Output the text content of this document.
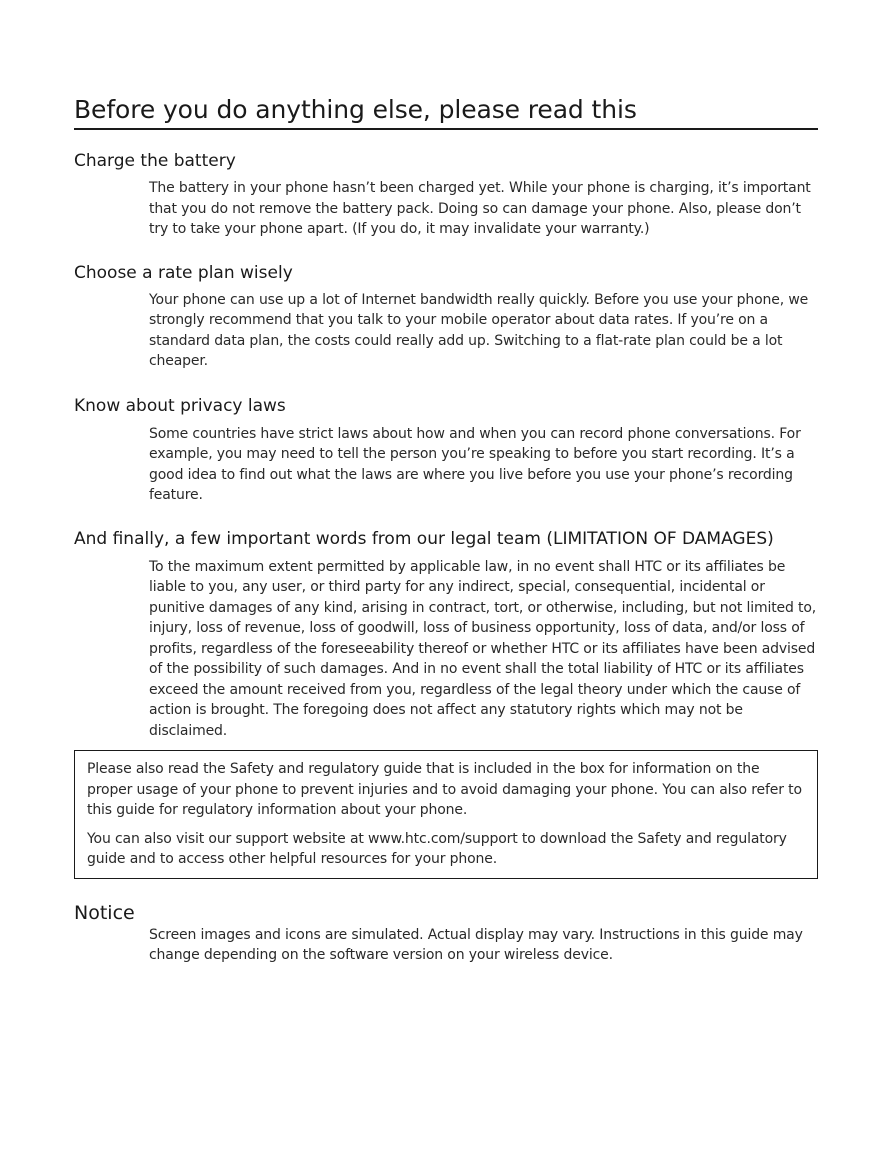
Before you do anything else, please read this
Charge the battery

The battery in your phone hasn’t been charged yet. While your phone is charging, it’s important that you do not remove the battery pack. Doing so can damage your phone. Also, please don’t try to take your phone apart. (If you do, it may invalidate your warranty.)

Choose a rate plan wisely

Your phone can use up a lot of Internet bandwidth really quickly. Before you use your phone, we strongly recommend that you talk to your mobile operator about data rates. If you’re on a standard data plan, the costs could really add up. Switching to a flat-rate plan could be a lot cheaper.

Know about privacy laws

Some countries have strict laws about how and when you can record phone conversations. For example, you may need to tell the person you’re speaking to before you start recording. It’s a good idea to find out what the laws are where you live before you use your phone’s recording feature.

And finally, a few important words from our legal team (LIMITATION OF DAMAGES)

To the maximum extent permitted by applicable law, in no event shall HTC or its affiliates be liable to you, any user, or third party for any indirect, special, consequential, incidental or punitive damages of any kind, arising in contract, tort, or otherwise, including, but not limited to, injury, loss of revenue, loss of goodwill, loss of business opportunity, loss of data, and/or loss of profits, regardless of the foreseeability thereof or whether HTC or its affiliates have been advised of the possibility of such damages. And in no event shall the total liability of HTC or its affiliates exceed the amount received from you, regardless of the legal theory under which the cause of action is brought. The foregoing does not affect any statutory rights which may not be disclaimed.

Please also read the Safety and regulatory guide that is included in the box for information on the proper usage of your phone to prevent injuries and to avoid damaging your phone. You can also refer to this guide for regulatory information about your phone.

You can also visit our support website at www.htc.com/support to download the Safety and regulatory guide and to access other helpful resources for your phone.

Notice

Screen images and icons are simulated. Actual display may vary. Instructions in this guide may change depending on the software version on your wireless device.
